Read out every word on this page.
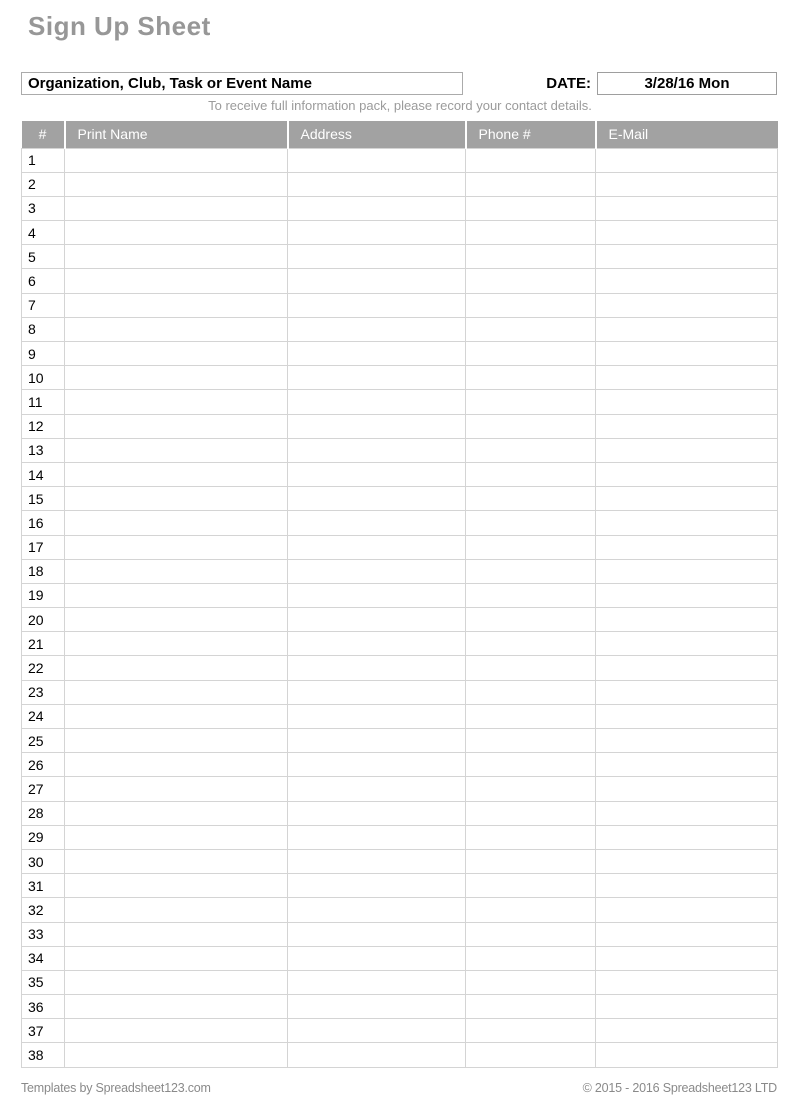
Sign Up Sheet
Organization, Club, Task or Event Name	DATE:	3/28/16 Mon
To receive full information pack, please record your contact details.
#	Print Name	Address	Phone #	E-Mail
1				
2				
3				
4				
5				
6				
7				
8				
9				
10				
11				
12				
13				
14				
15				
16				
17				
18				
19				
20				
21				
22				
23				
24				
25				
26				
27				
28				
29				
30				
31				
32				
33				
34				
35				
36				
37				
38				
Templates by Spreadsheet123.com	© 2015 - 2016 Spreadsheet123 LTD
